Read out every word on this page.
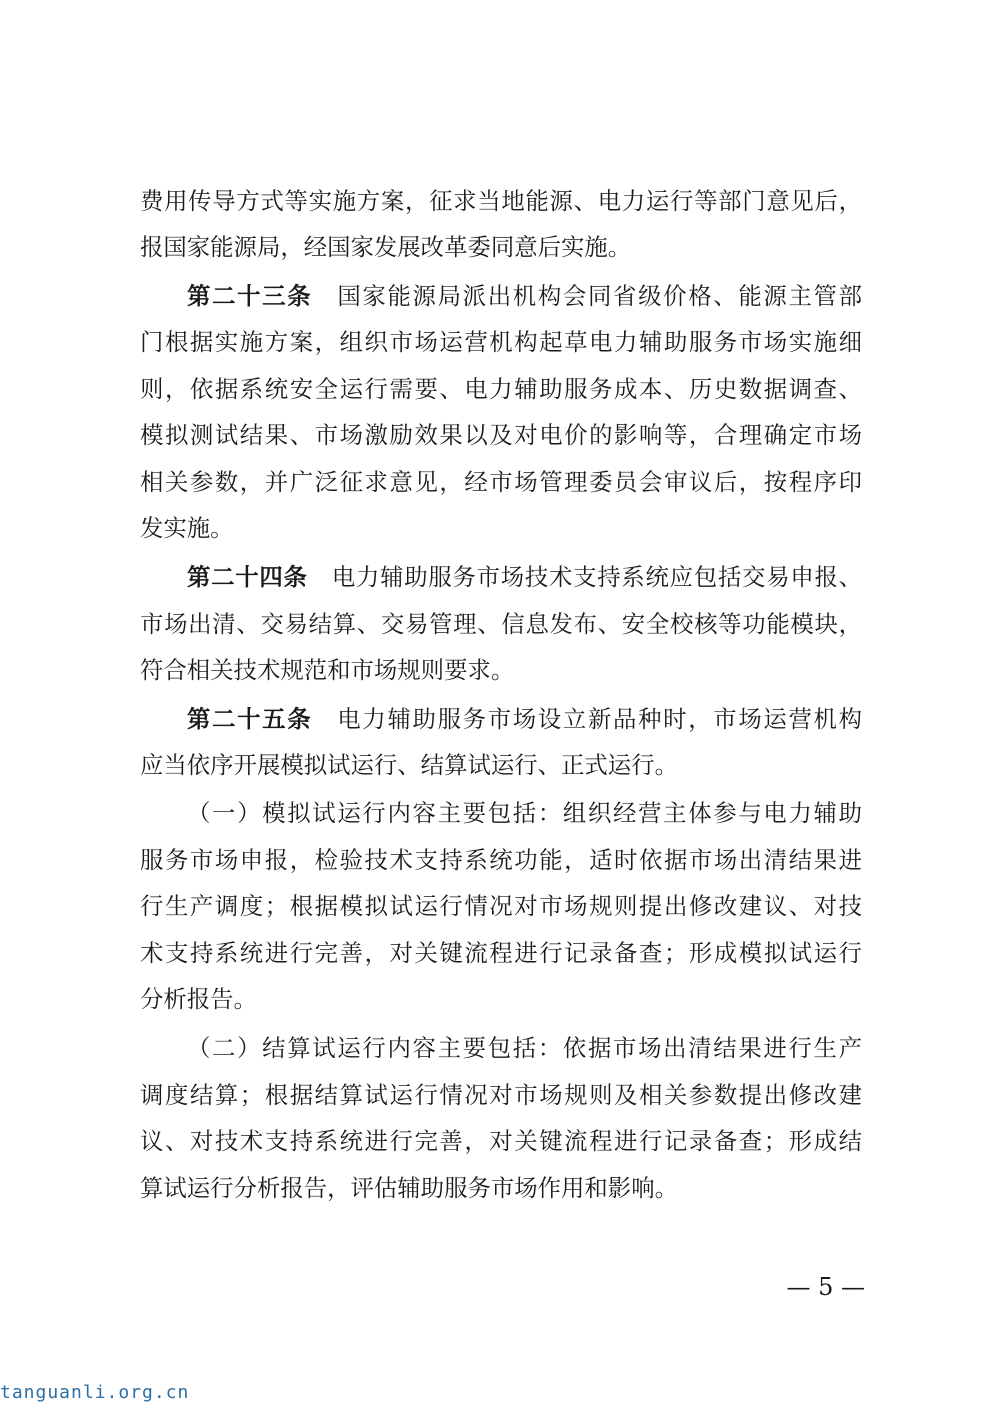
费用传导方式等实施方案，征求当地能源、电力运行等部门意见后，
报国家能源局，经国家发展改革委同意后实施。
第二十三条　 国家能源局派出机构会同省级价格、能源主管部
门根据实施方案，组织市场运营机构起草电力辅助服务市场实施细
则，依据系统安全运行需要、电力辅助服务成本、历史数据调查、
模拟测试结果、市场激励效果以及对电价的影响等，合理确定市场
相关参数，并广泛征求意见，经市场管理委员会审议后，按程序印
发实施。
第二十四条　 电力辅助服务市场技术支持系统应包括交易申报、
市场出清、交易结算、交易管理、信息发布、安全校核等功能模块，
符合相关技术规范和市场规则要求。
第二十五条　 电力辅助服务市场设立新品种时，市场运营机构
应当依序开展模拟试运行、结算试运行、正式运行。
（一）模拟试运行内容主要包括：组织经营主体参与电力辅助
服务市场申报，检验技术支持系统功能，适时依据市场出清结果进
行生产调度；根据模拟试运行情况对市场规则提出修改建议、对技
术支持系统进行完善，对关键流程进行记录备查；形成模拟试运行
分析报告。
（二）结算试运行内容主要包括：依据市场出清结果进行生产
调度结算；根据结算试运行情况对市场规则及相关参数提出修改建
议、对技术支持系统进行完善，对关键流程进行记录备查；形成结
算试运行分析报告，评估辅助服务市场作用和影响。
— 5 —
tanguanli.org.cn
